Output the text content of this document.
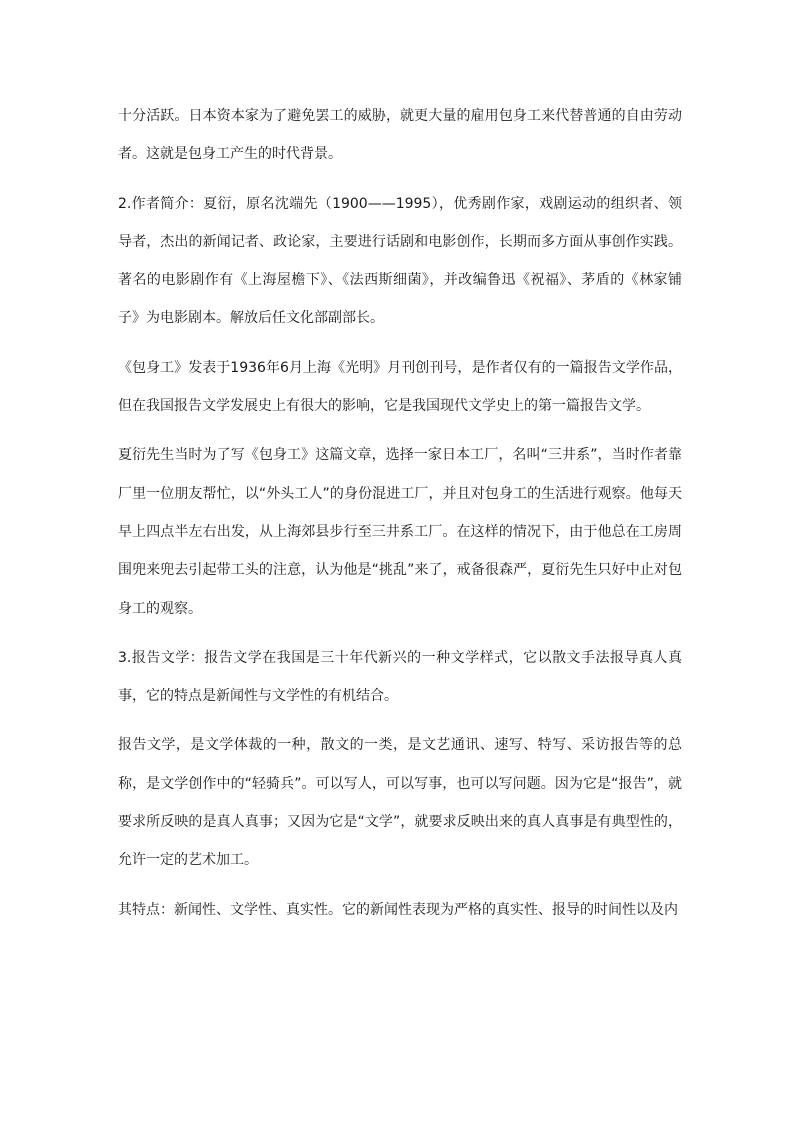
十分活跃。日本资本家为了避免罢工的威胁，就更大量的雇用包身工来代替普通的自由劳动者。这就是包身工产生的时代背景。

2.作者简介：夏衍，原名沈端先（1900——1995），优秀剧作家，戏剧运动的组织者、领导者，杰出的新闻记者、政论家，主要进行话剧和电影创作，长期而多方面从事创作实践。著名的电影剧作有《上海屋檐下》、《法西斯细菌》，并改编鲁迅《祝福》、茅盾的《林家铺子》为电影剧本。解放后任文化部副部长。

《包身工》发表于1936年6月上海《光明》月刊创刊号，是作者仅有的一篇报告文学作品，但在我国报告文学发展史上有很大的影响，它是我国现代文学史上的第一篇报告文学。

夏衍先生当时为了写《包身工》这篇文章，选择一家日本工厂，名叫“三井系”，当时作者靠厂里一位朋友帮忙，以“外头工人”的身份混进工厂，并且对包身工的生活进行观察。他每天早上四点半左右出发，从上海郊县步行至三井系工厂。在这样的情况下，由于他总在工房周围兜来兜去引起带工头的注意，认为他是“挑乱”来了，戒备很森严，夏衍先生只好中止对包身工的观察。

3.报告文学：报告文学在我国是三十年代新兴的一种文学样式，它以散文手法报导真人真事，它的特点是新闻性与文学性的有机结合。

报告文学，是文学体裁的一种，散文的一类，是文艺通讯、速写、特写、采访报告等的总称，是文学创作中的“轻骑兵”。可以写人，可以写事，也可以写问题。因为它是“报告”，就要求所反映的是真人真事；又因为它是“文学”，就要求反映出来的真人真事是有典型性的，允许一定的艺术加工。

其特点：新闻性、文学性、真实性。它的新闻性表现为严格的真实性、报导的时间性以及内
